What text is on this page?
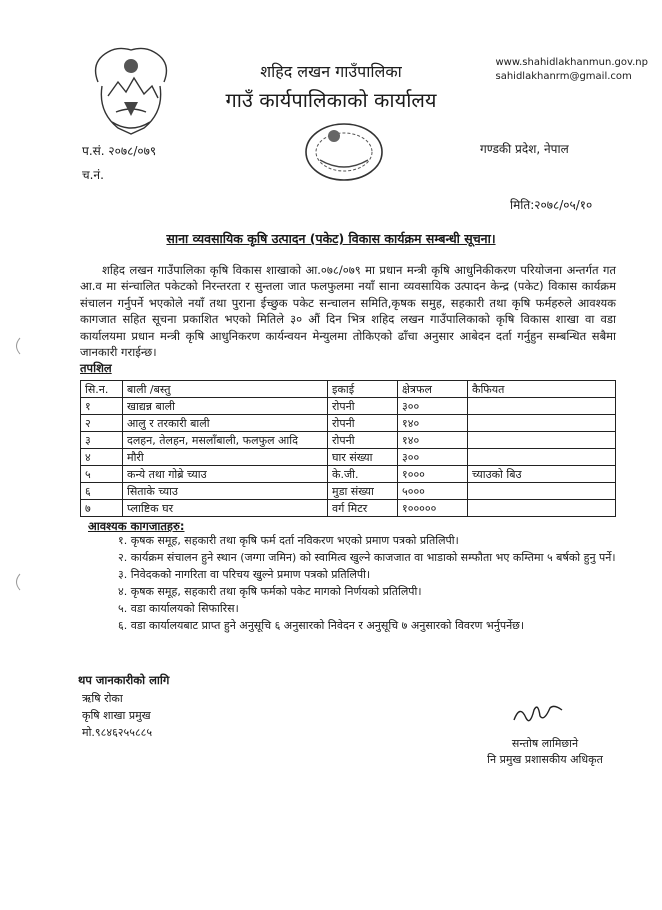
शहिद लखन गाउँपालिका
गाउँ कार्यपालिकाको कार्यालय
www.shahidlakhanmun.gov.np
sahidlakhanrm@gmail.com
प.सं. २०७८/०७९
च.नं.
गण्डकी प्रदेश, नेपाल
मिति:२०७८/०५/१०
साना व्यवसायिक कृषि उत्पादन (पकेट) विकास कार्यक्रम सम्बन्धी सूचना।
शहिद लखन गाउँपालिका कृषि विकास शाखाको आ.०७८/०७९ मा प्रधान मन्त्री कृषि आधुनिकीकरण परियोजना अन्तर्गत गत आ.व मा संन्चालित पकेटको निरन्तरता र सुन्तला जात फलफुलमा नयाँ साना व्यवसायिक उत्पादन केन्द्र (पकेट) विकास कार्यक्रम संचालन गर्नुपर्ने भएकोले नयाँ तथा पुराना ईच्छुक पकेट सन्चालन समिति,कृषक समुह, सहकारी तथा कृषि फर्महरुले आवश्यक कागजात सहित सूचना प्रकाशित भएको मितिले ३० औं दिन भित्र शहिद लखन गाउँपालिकाको कृषि विकास शाखा वा वडा कार्यालयमा प्रधान मन्त्री कृषि आधुनिकरण कार्यन्वयन मेन्युलमा तोकिएको ढाँचा अनुसार आबेदन दर्ता गर्नुहुन सम्बन्धित सबैमा जानकारी गराईन्छ।
तपशिल
सि.न.	बाली /बस्तु	इकाई	क्षेत्रफल	कैफियत
१	खाद्यन्न बाली	रोपनी	३००	
२	आलु र तरकारी बाली	रोपनी	१४०	
३	दलहन, तेलहन, मसलाँबाली, फलफुल आदि	रोपनी	१४०	
४	मौरी	घार संख्या	३००	
५	कन्ये तथा गोब्रे च्याउ	के.जी.	१०००	च्याउको बिउ
६	सिताके च्याउ	मुडा संख्या	५०००	
७	प्लाष्टिक घर	वर्ग मिटर	१०००००	
आवश्यक कागजातहरु:
१. कृषक समूह, सहकारी तथा कृषि फर्म दर्ता नविकरण भएको प्रमाण पत्रको प्रतिलिपी।
२. कार्यक्रम संचालन हुने स्थान (जग्गा जमिन) को स्वामित्व खुल्ने काजजात वा भाडाको सम्फौता भए कम्तिमा ५ बर्षको हुनु पर्ने।
३. निवेदकको नागरिता वा परिचय खुल्ने प्रमाण पत्रको प्रतिलिपी।
४. कृषक समूह, सहकारी तथा कृषि फर्मको पकेट मागको निर्णयको प्रतिलिपी।
५. वडा कार्यालयको सिफारिस।
६. वडा कार्यालयबाट प्राप्त हुने अनुसूचि ६ अनुसारको निवेदन र अनुसूचि ७ अनुसारको विवरण भर्नुपर्नेछ।
थप जानकारीको लागि
ऋषि रोका
कृषि शाखा प्रमुख
मो.९८४६२५५८८५
सन्तोष लामिछाने
नि प्रमुख प्रशासकीय अधिकृत
